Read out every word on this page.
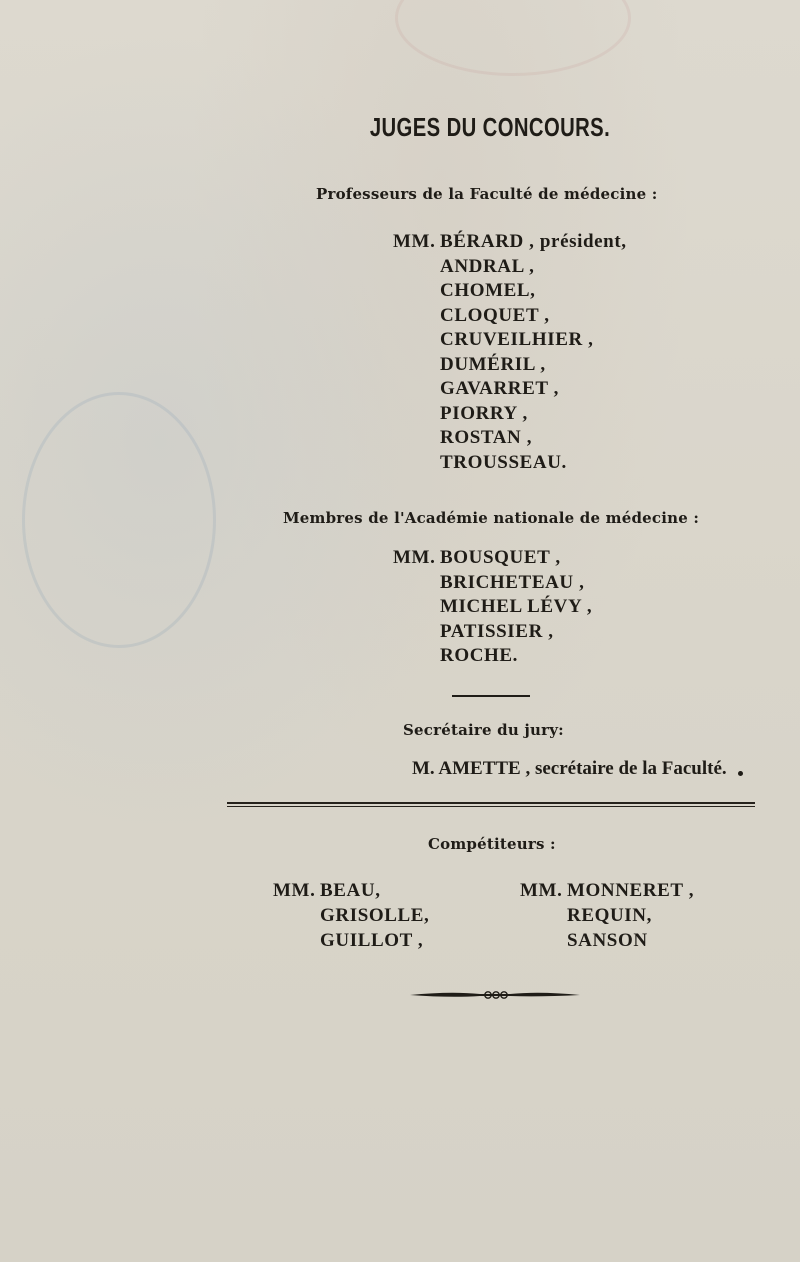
JUGES DU CONCOURS.
Professeurs de la Faculté de médecine :
MM. BÉRARD , président,
ANDRAL ,
CHOMEL,
CLOQUET ,
CRUVEILHIER ,
DUMÉRIL ,
GAVARRET ,
PIORRY ,
ROSTAN ,
TROUSSEAU.
Membres de l'Académie nationale de médecine :
MM. BOUSQUET ,
BRICHETEAU ,
MICHEL LÉVY ,
PATISSIER ,
ROCHE.
Secrétaire du jury:
M. AMETTE , secrétaire de la Faculté.
Compétiteurs :
MM. BEAU,
GRISOLLE,
GUILLOT ,
MM. MONNERET ,
REQUIN,
SANSON
